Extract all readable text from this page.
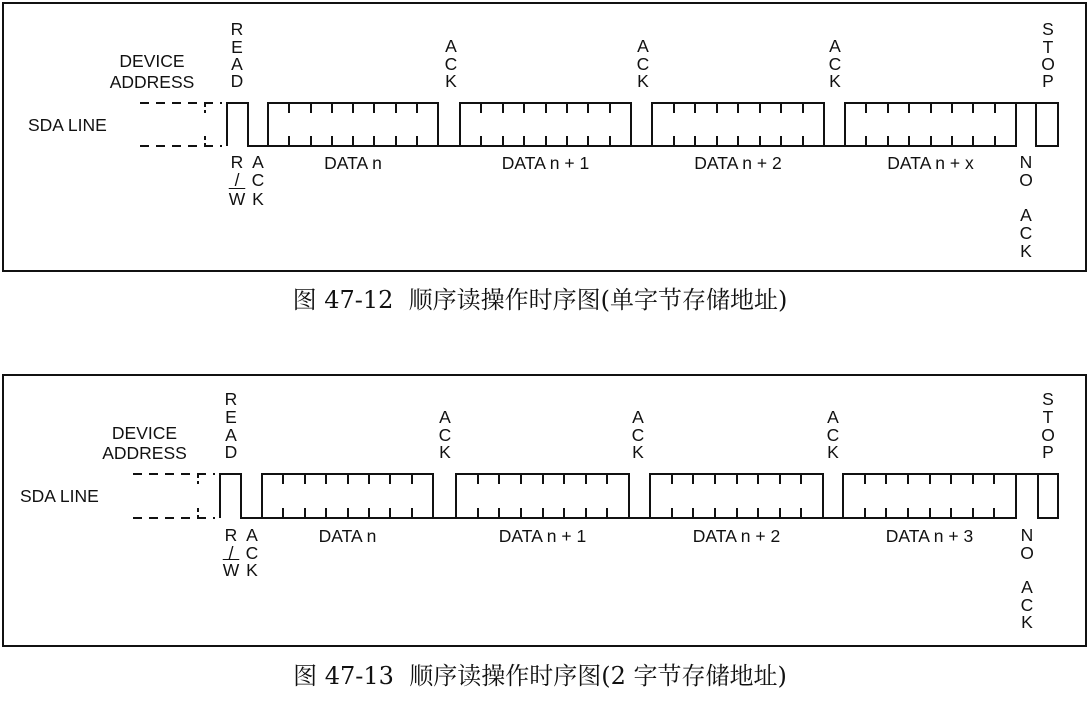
DEVICE
ADDRESS
SDA LINE
R
E
A
D
A
C
K
A
C
K
A
C
K
S
T
O
P
R
/
$\overline{W}$
A
C
K
DATA n	DATA n + 1	DATA n + 2	DATA n + x	N
O
A
C
K
图 47-12  顺序读操作时序图(单字节存储地址)
DEVICE
ADDRESS
SDA LINE
R
E
A
D
A
C
K
A
C
K
A
C
K
S
T
O
P
R
/
$\overline{W}$
A
C
K
DATA n	DATA n + 1	DATA n + 2	DATA n + 3	N
O
A
C
K
图 47-13  顺序读操作时序图(2 字节存储地址)
